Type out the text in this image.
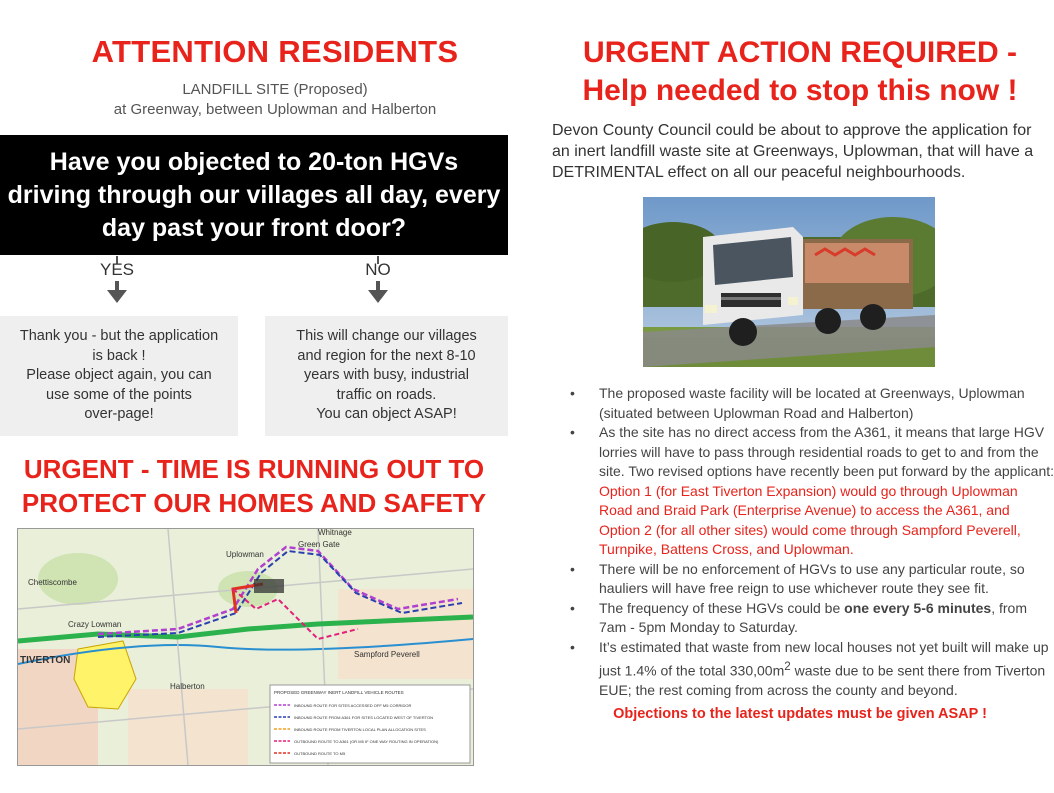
ATTENTION RESIDENTS
LANDFILL SITE (Proposed)
at Greenway, between Uplowman and Halberton
Have you objected to 20-ton HGVs
driving through our villages all day, every
day past your front door?
YES	NO
Thank you - but the application
is back !
Please object again, you can
use some of the points
over-page!
This will change our villages
and region for the next 8-10
years with busy, industrial
traffic on roads.
You can object ASAP!
URGENT - TIME IS RUNNING OUT TO
PROTECT OUR HOMES AND SAFETY
Chettiscombe
Uplowman
Green Gate
Whitnage
Sampford Peverell
TIVERTON
Halberton
Crazy Lowman
PROPOSED GREENWAY INERT LANDFILL VEHICLE ROUTES
INBOUND ROUTE FOR SITES ACCESSED OFF M5 CORRIDOR
INBOUND ROUTE FROM A361 FOR SITES LOCATED WEST OF TIVERTON
INBOUND ROUTE FROM TIVERTON LOCAL PLAN ALLOCATION SITES
OUTBOUND ROUTE TO A361 (OR M5 IF ONE WAY ROUTING IN OPERATION)
OUTBOUND ROUTE TO M5
URGENT ACTION REQUIRED -
Help needed to stop this now !
Devon County Council could be about to approve the application for an inert landfill waste site at Greenways, Uplowman, that will have a DETRIMENTAL effect on all our peaceful neighbourhoods.
• The proposed waste facility will be located at Greenways, Uplowman (situated between Uplowman Road and Halberton)
• As the site has no direct access from the A361, it means that large HGV lorries will have to pass through residential roads to get to and from the site. Two revised options have recently been put forward by the applicant: Option 1 (for East Tiverton Expansion) would go through Uplowman Road and Braid Park (Enterprise Avenue) to access the A361, and Option 2 (for all other sites) would come through Sampford Peverell, Turnpike, Battens Cross, and Uplowman.
• There will be no enforcement of HGVs to use any particular route, so hauliers will have free reign to use whichever route they see fit.
• The frequency of these HGVs could be one every 5-6 minutes, from 7am - 5pm Monday to Saturday.
• It’s estimated that waste from new local houses not yet built will make up just 1.4% of the total $330,00m^2$ waste due to be sent there from Tiverton EUE; the rest coming from across the county and beyond.
Objections to the latest updates must be given ASAP !
